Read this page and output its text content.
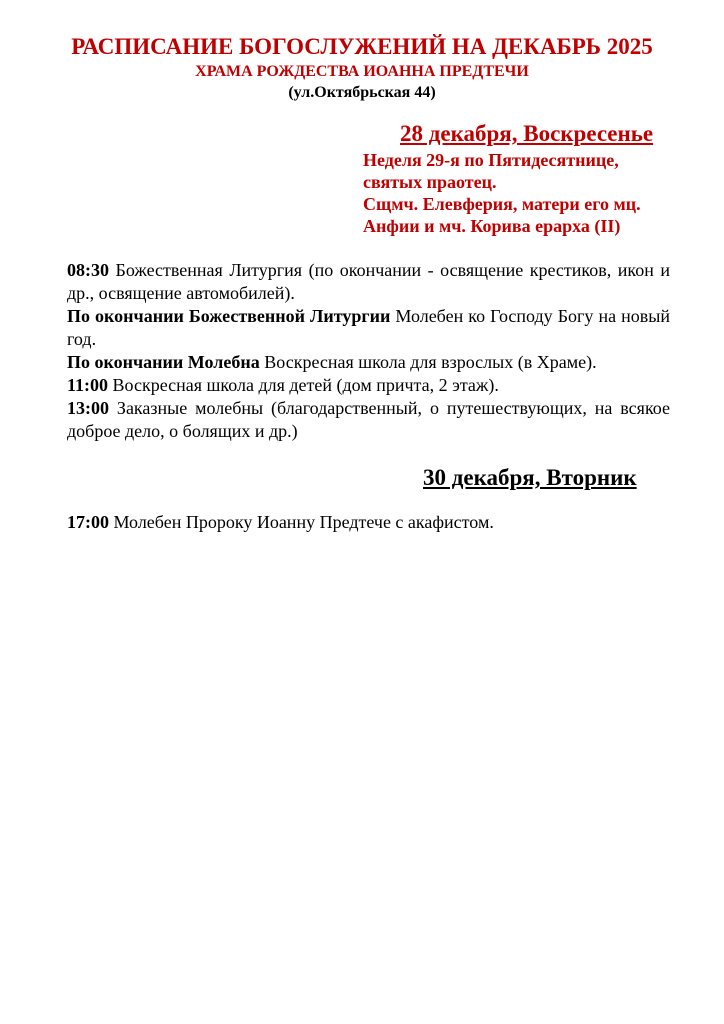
РАСПИСАНИЕ БОГОСЛУЖЕНИЙ НА ДЕКАБРЬ 2025
ХРАМА РОЖДЕСТВА ИОАННА ПРЕДТЕЧИ
(ул.Октябрьская 44)
28 декабря, Воскресенье
Неделя 29-я по Пятидесятнице,
святых праотец.
Сщмч. Елевферия, матери его мц.
Анфии и мч. Корива ерарха (II)

08:30 Божественная Литургия (по окончании - освящение крестиков, икон и др., освящение автомобилей).

По окончании Божественной Литургии Молебен ко Господу Богу на новый год.

По окончании Молебна Воскресная школа для взрослых (в Храме).

11:00 Воскресная школа для детей (дом причта, 2 этаж).

13:00 Заказные молебны (благодарственный, о путешествующих, на всякое доброе дело, о болящих и др.)

30 декабря, Вторник

17:00 Молебен Пророку Иоанну Предтече с акафистом.
